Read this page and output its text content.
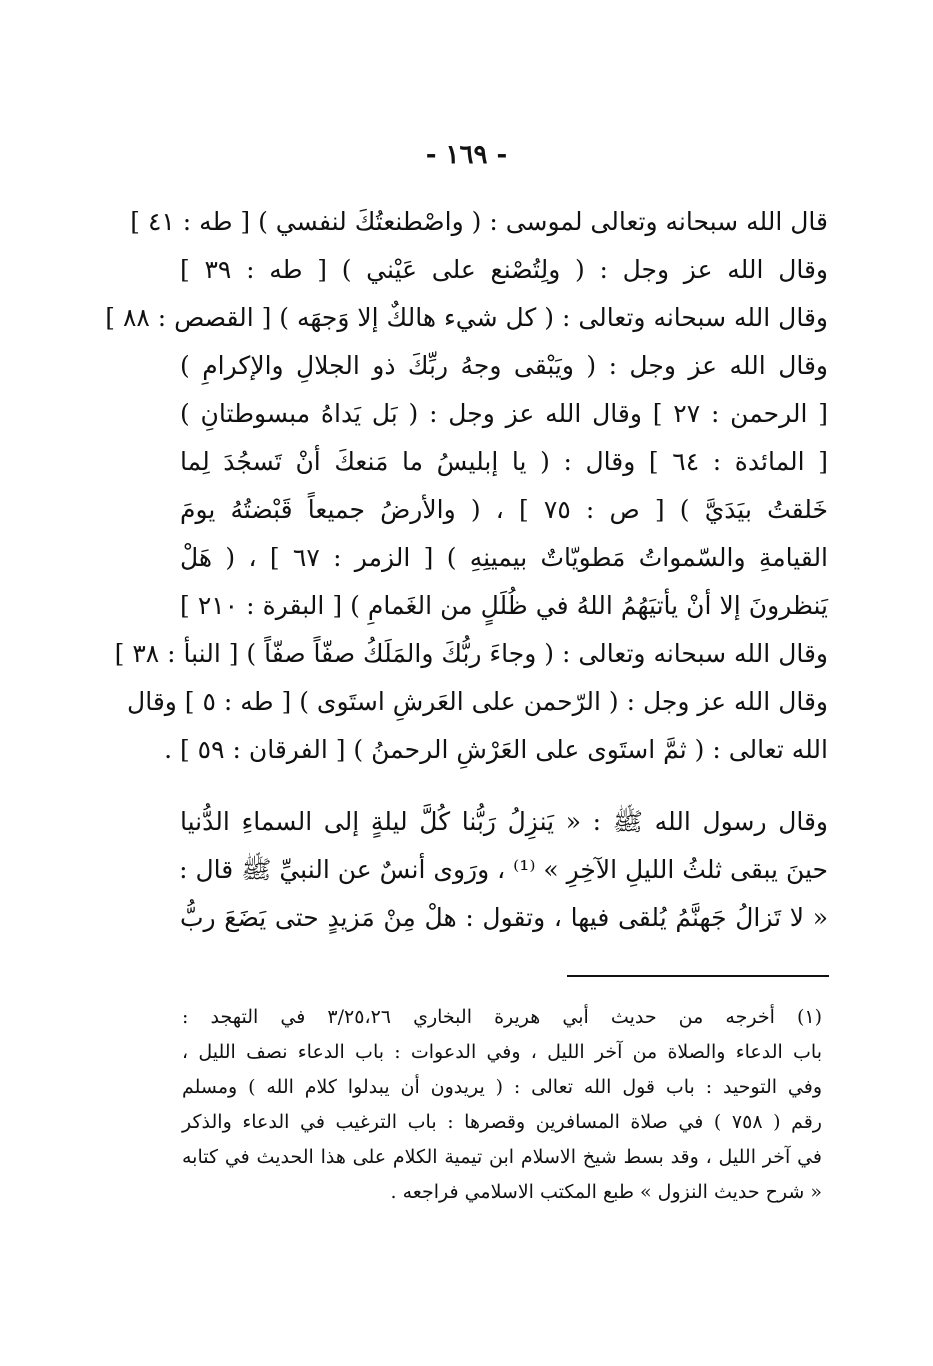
- ١٦٩ -
قال الله سبحانه وتعالى لموسى : ( واصْطنعتُكَ لنفسي ) [ طه : ٤١ ]
وقال الله عز وجل : ( ولِتُصْنع على عَيْني ) [ طه : ٣٩ ]
وقال الله سبحانه وتعالى : ( كل شيء هالكٌ إلا وَجهَه ) [ القصص : ٨٨ ]
وقال الله عز وجل : ( ويَبْقى وجهُ ربِّكَ ذو الجلالِ والإكرامِ )
[ الرحمن : ٢٧ ] وقال الله عز وجل : ( بَل يَداهُ مبسوطتانِ )
[ المائدة : ٦٤ ] وقال : ( يا إبليسُ ما مَنعكَ أنْ تَسجُدَ لِما
خَلقتُ بيَدَيَّ ) [ ص : ٧٥ ] ، ( والأرضُ جميعاً قَبْضتُهُ يومَ
القيامةِ والسّمواتُ مَطويّاتٌ بيمينِهِ ) [ الزمر : ٦٧ ] ، ( هَلْ
يَنظرونَ إلا أنْ يأتيَهُمُ اللهُ في ظُلَلٍ من الغَمامِ ) [ البقرة : ٢١٠ ]
وقال الله سبحانه وتعالى : ( وجاءَ ربُّكَ والمَلَكُ صفّاً صفّاً ) [ النبأ : ٣٨ ]
وقال الله عز وجل : ( الرّحمن على العَرشِ استَوى ) [ طه : ٥ ] وقال
الله تعالى : ( ثمَّ استَوى على العَرْشِ الرحمنُ ) [ الفرقان : ٥٩ ] .
وقال رسول الله ﷺ : « يَنزِلُ رَبُّنا كُلَّ ليلةٍ إلى السماءِ الدُّنيا
حينَ يبقى ثلثُ الليلِ الآخِرِ » ⁽¹⁾ ، ورَوى أنسٌ عن النبيِّ ﷺ قال :
« لا تَزالُ جَهنَّمُ يُلقى فيها ، وتقول : هلْ مِنْ مَزيدٍ حتى يَضَعَ ربُّ
(١) أخرجه من حديث أبي هريرة البخاري ٣/٢٥،٢٦ في التهجد :
باب الدعاء والصلاة من آخر الليل ، وفي الدعوات : باب الدعاء نصف الليل ،
وفي التوحيد : باب قول الله تعالى : ( يريدون أن يبدلوا كلام الله ) ومسلم
رقم ( ٧٥٨ ) في صلاة المسافرين وقصرها : باب الترغيب في الدعاء والذكر
في آخر الليل ، وقد بسط شيخ الاسلام ابن تيمية الكلام على هذا الحديث في كتابه
« شرح حديث النزول » طبع المكتب الاسلامي فراجعه .
